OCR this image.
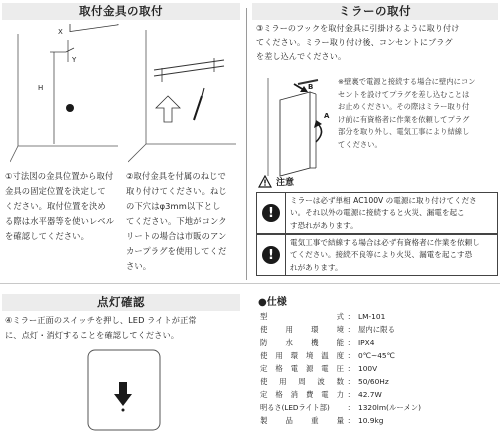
取付金具の取付	ミラーの取付
X
Y
H
①寸法図の金具位置から取付
金具の固定位置を決定して
ください。取付位置を決め
る際は水平器等を使いレベル
を確認してください。
②取付金具を付属のねじで
取り付けてください。ねじ
の下穴はφ3mm以下とし
てください。下地がコンク
リートの場合は市販のアン
カープラグを使用してくだ
さい。
③ミラーのフックを取付金具に引掛けるように取り付け
てください。ミラー取り付け後、コンセントにプラグ
を差し込んでください。
B
A
※壁裏で電源と接続する場合に壁内にコン
セントを設けてプラグを差し込むことは
お止めください。その際はミラー取り付
け前に有資格者に作業を依頼してプラグ
部分を取り外し、電気工事により結線し
てください。
注意
!
ミラーは必ず単相 AC100V の電源に取り付けてくださ
い。それ以外の電源に接続すると火災、漏電を起こ
す恐れがあります。
!
電気工事で結線する場合は必ず有資格者に作業を依頼し
てください。接続不良等により火災、漏電を起こす恐
れがあります。
点灯確認
④ミラー正面のスイッチを押し、LED ライトが正常
に、点灯・消灯することを確認してください。
●仕様
型	式 : LM-101
使 用 環 境 : 屋内に限る
防 水 機 能 : IPX4
使 用 環 境 温 度 : 0℃~45℃
定 格 電 源 電 圧 : 100V
使 用 周 波 数 : 50/60Hz
定 格 消 費 電 力 : 42.7W
明るさ(LEDライト部)	: 1320lm(ルーメン)
製 品 重 量 : 10.9kg
